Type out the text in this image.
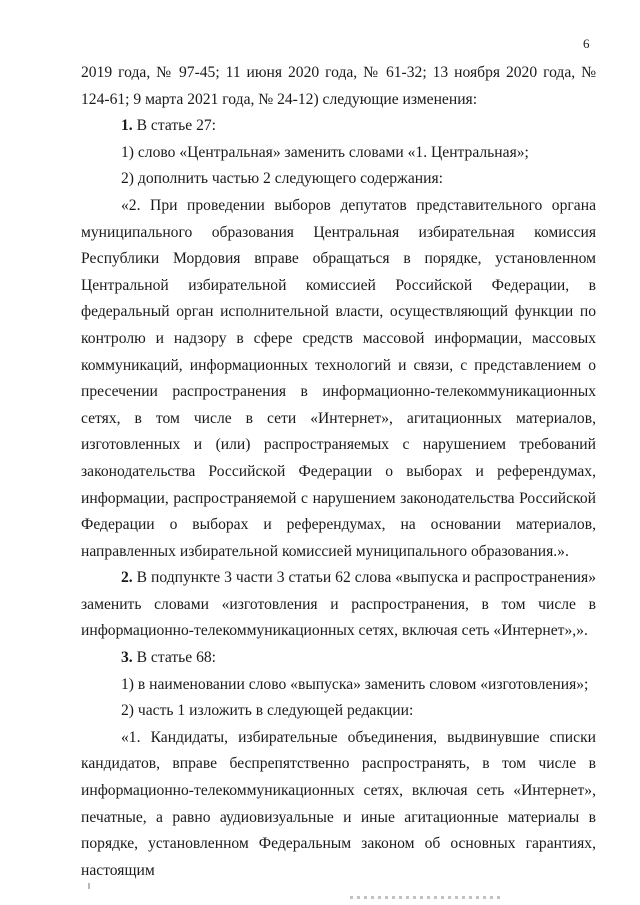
6

2019 года, № 97-45; 11 июня 2020 года, № 61-32; 13 ноября 2020 года, № 124-61; 9 марта 2021 года, № 24-12) следующие изменения:

1. В статье 27:

1) слово «Центральная» заменить словами «1. Центральная»;

2) дополнить частью 2 следующего содержания:

«2. При проведении выборов депутатов представительного органа муниципального образования Центральная избирательная комиссия Республики Мордовия вправе обращаться в порядке, установленном Центральной избирательной комиссией Российской Федерации, в федеральный орган исполнительной власти, осуществляющий функции по контролю и надзору в сфере средств массовой информации, массовых коммуникаций, информационных технологий и связи, с представлением о пресечении распространения в информационно-телекоммуникационных сетях, в том числе в сети «Интернет», агитационных материалов, изготовленных и (или) распространяемых с нарушением требований законодательства Российской Федерации о выборах и референдумах, информации, распространяемой с нарушением законодательства Российской Федерации о выборах и референдумах, на основании материалов, направленных избирательной комиссией муниципального образования.».

2. В подпункте 3 части 3 статьи 62 слова «выпуска и распространения» заменить словами «изготовления и распространения, в том числе в информационно-телекоммуникационных сетях, включая сеть «Интернет»,».

3. В статье 68:

1) в наименовании слово «выпуска» заменить словом «изготовления»;

2) часть 1 изложить в следующей редакции:

«1. Кандидаты, избирательные объединения, выдвинувшие списки кандидатов, вправе беспрепятственно распространять, в том числе в информационно-телекоммуникационных сетях, включая сеть «Интернет», печатные, а равно аудиовизуальные и иные агитационные материалы в порядке, установленном Федеральным законом об основных гарантиях, настоящим
